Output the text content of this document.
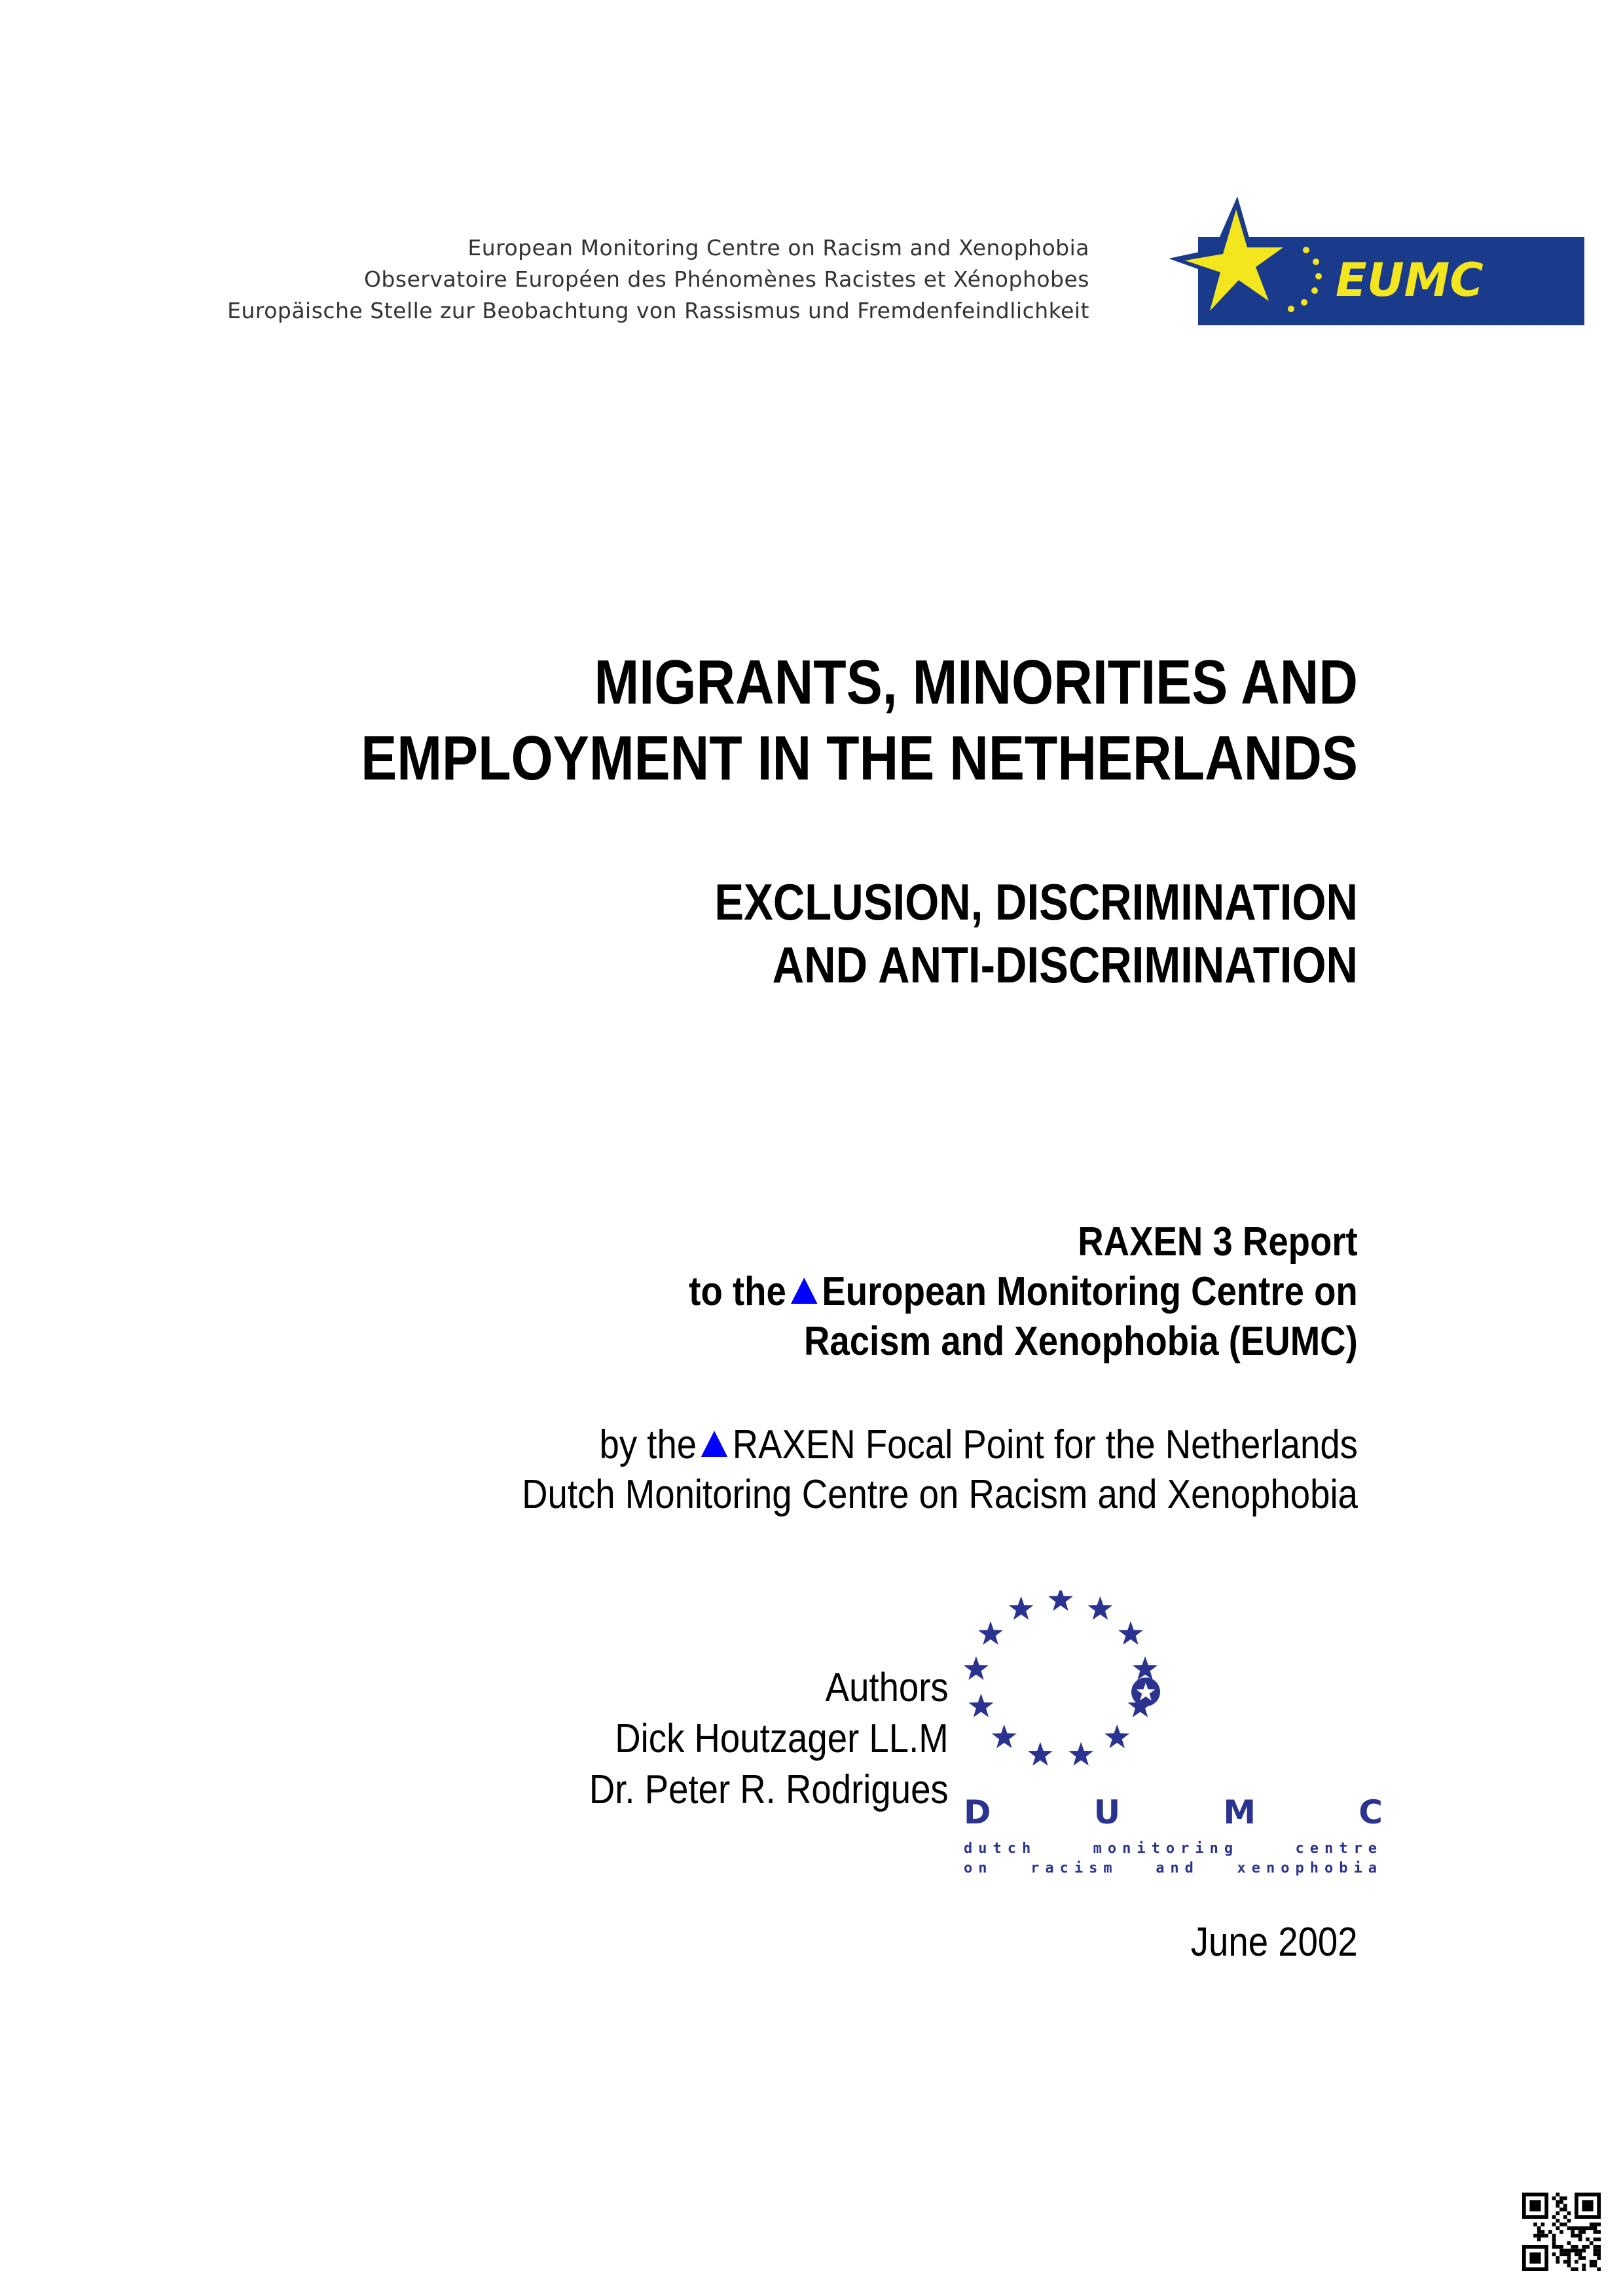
European Monitoring Centre on Racism and Xenophobia
Observatoire Européen des Phénomènes Racistes et Xénophobes
Europäische Stelle zur Beobachtung von Rassismus und Fremdenfeindlichkeit
EUMC
MIGRANTS, MINORITIES AND
EMPLOYMENT IN THE NETHERLANDS
EXCLUSION, DISCRIMINATION
AND ANTI-DISCRIMINATION
RAXEN 3 Report
to the European Monitoring Centre on
Racism and Xenophobia (EUMC)
by the RAXEN Focal Point for the Netherlands
Dutch Monitoring Centre on Racism and Xenophobia
Authors
Dick Houtzager LL.M
Dr. Peter R. Rodrigues D	U	M	C
dutch monitoring centre
on racism and xenophobia
June 2002
